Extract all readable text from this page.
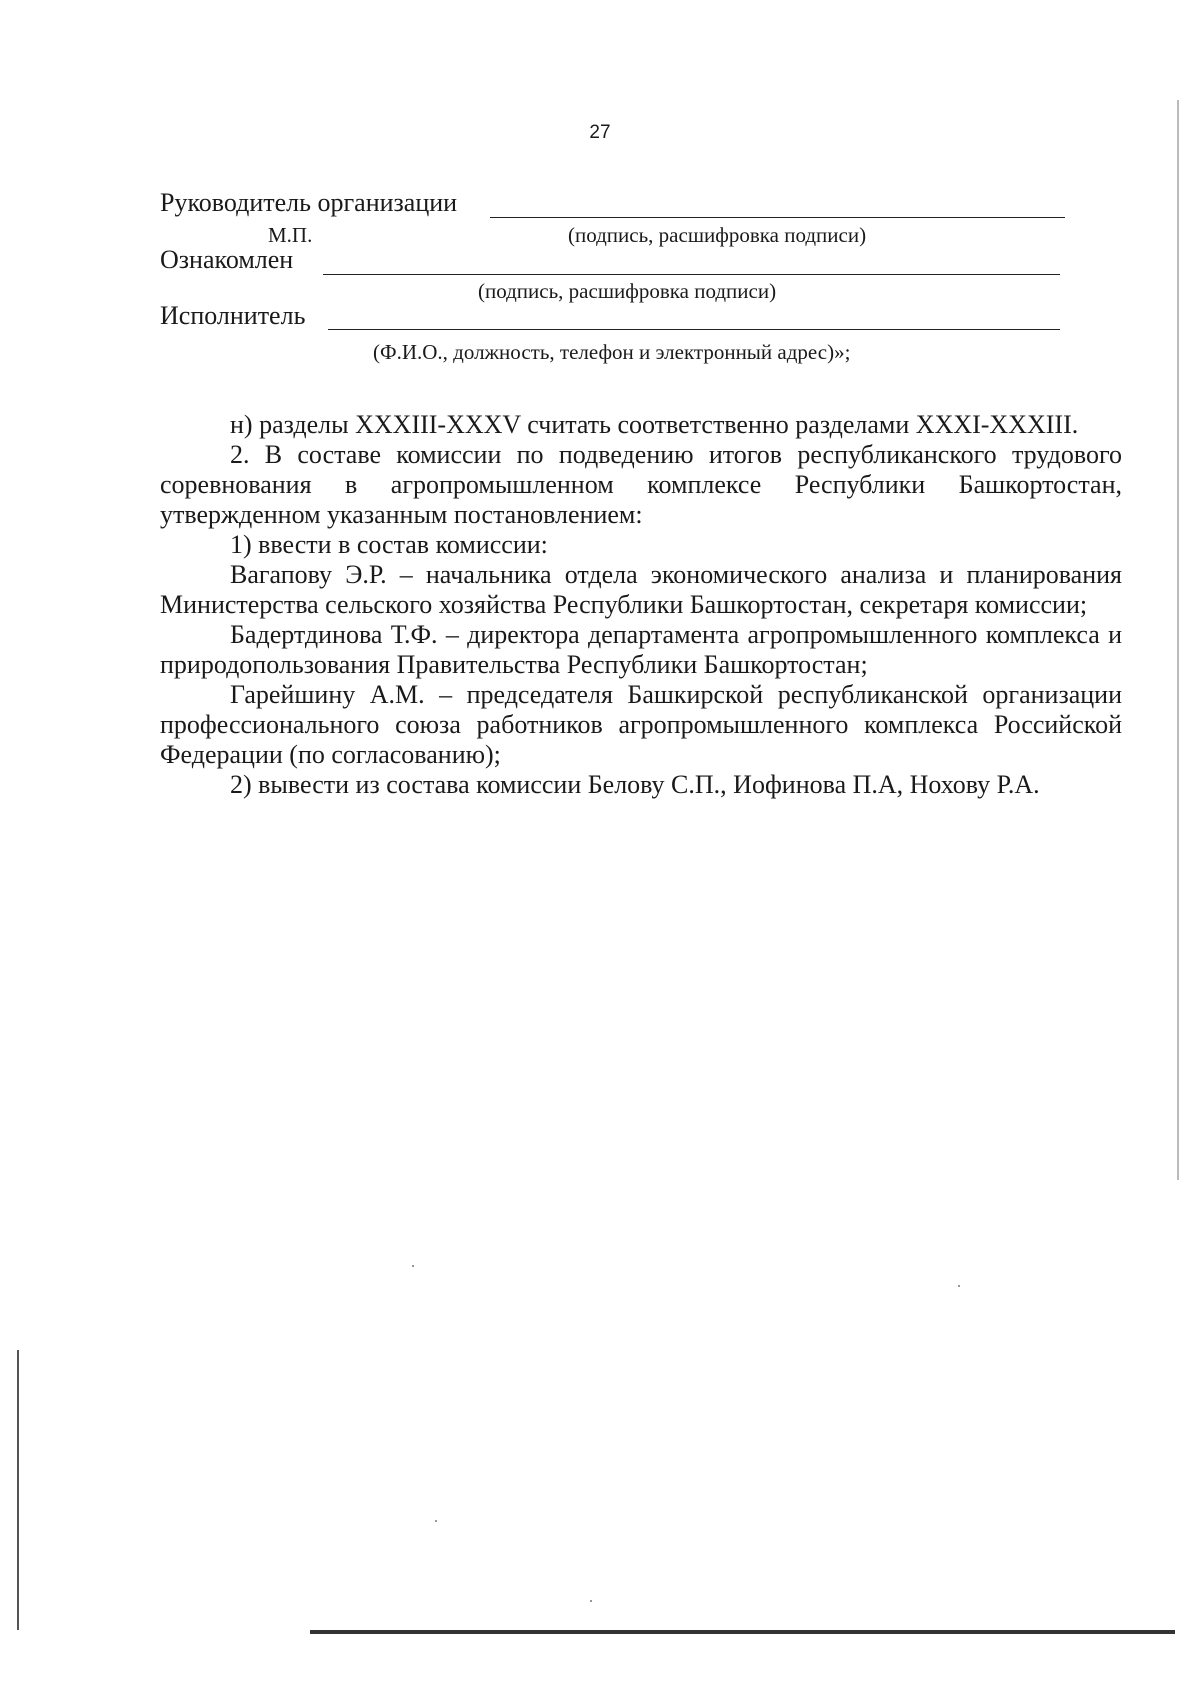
27
Руководитель организации
М.П.	(подпись, расшифровка подписи)
Ознакомлен
(подпись, расшифровка подписи)
Исполнитель
(Ф.И.О., должность, телефон и электронный адрес)»;

н) разделы XXXIII-XXXV считать соответственно разделами XXXI-XXXIII.

2. В составе комиссии по подведению итогов республиканского трудового соревнования в агропромышленном комплексе Республики Башкортостан, утвержденном указанным постановлением:

1) ввести в состав комиссии:

Вагапову Э.Р. – начальника отдела экономического анализа и планирования Министерства сельского хозяйства Республики Башкортостан, секретаря комиссии;

Бадертдинова Т.Ф. – директора департамента агропромышленного комплекса и природопользования Правительства Республики Башкортостан;

Гарейшину А.М. – председателя Башкирской республиканской организации профессионального союза работников агропромышленного комплекса Российской Федерации (по согласованию);

2) вывести из состава комиссии Белову С.П., Иофинова П.А, Нохову Р.А.
